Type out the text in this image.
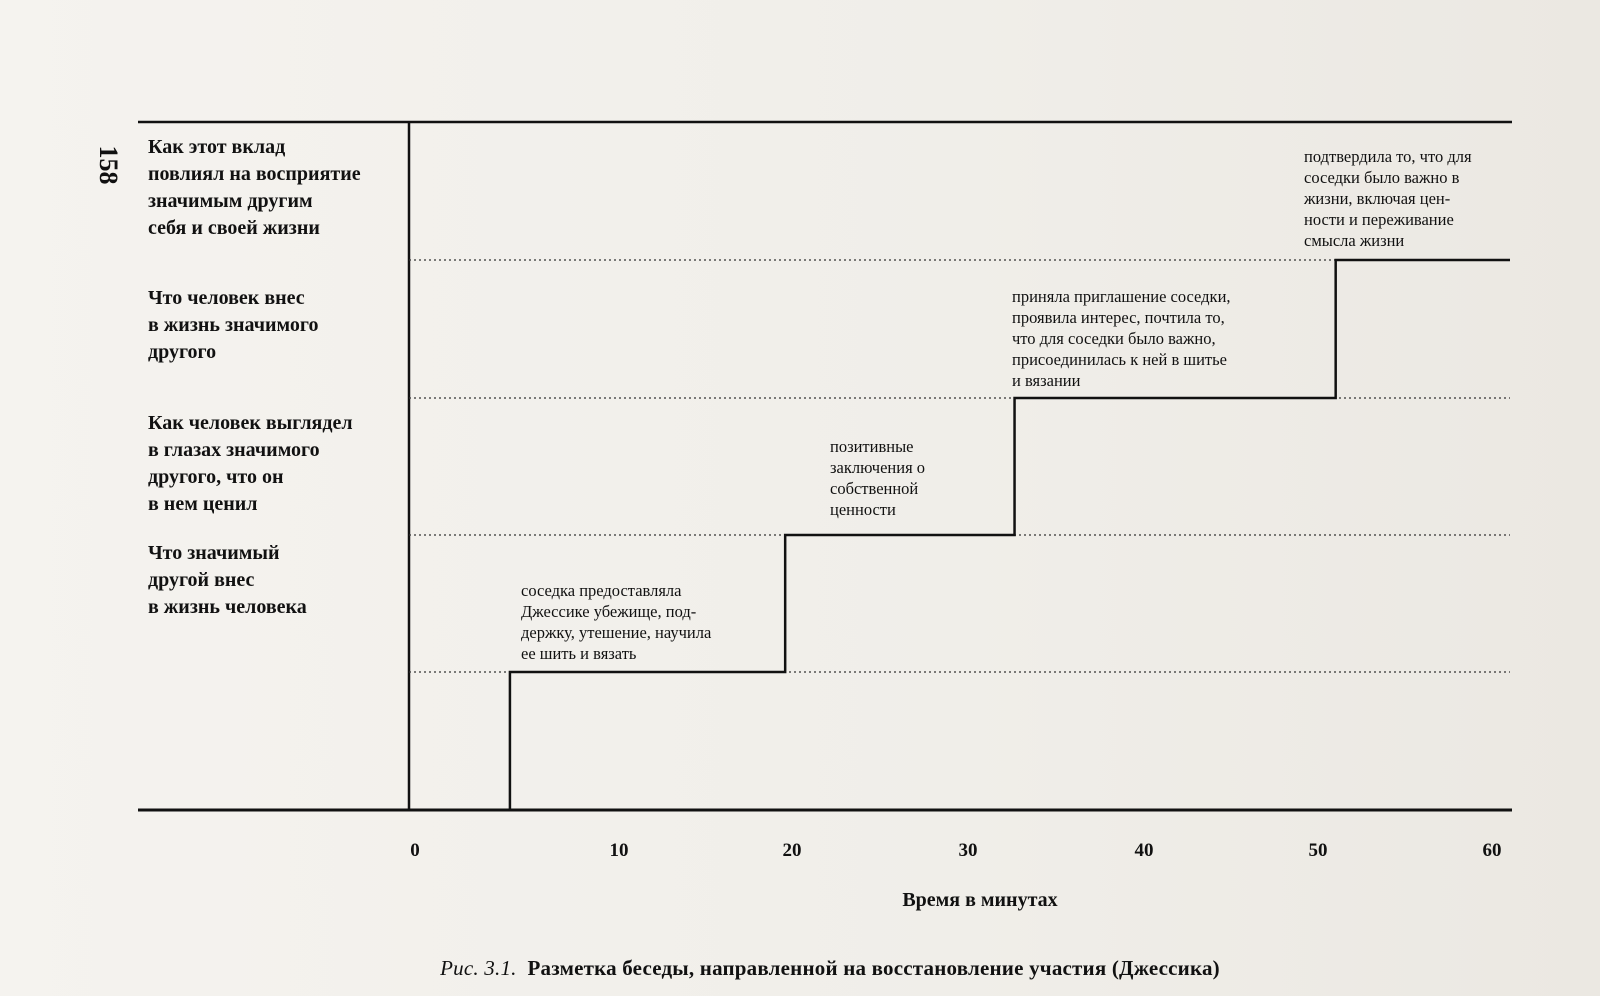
158 Как этот вклад
повлиял на восприятие
значимым другим
себя и своей жизни
Что человек внес
в жизнь значимого
другого
Как человек выглядел
в глазах значимого
другого, что он
в нем ценил
Что значимый
другой внес
в жизнь человека
соседка предоставляла
Джессике убежище, под-
держку, утешение, научила
ее шить и вязать
позитивные
заключения о
собственной
ценности
приняла приглашение соседки,
проявила интерес, почтила то,
что для соседки было важно,
присоединилась к ней в шитье
и вязании
подтвердила то, что для
соседки было важно в
жизни, включая цен-
ности и переживание
смысла жизни
0	10	20	30	40	50	60
Время в минутах
Рис. 3.1. Разметка беседы, направленной на восстановление участия (Джессика)
